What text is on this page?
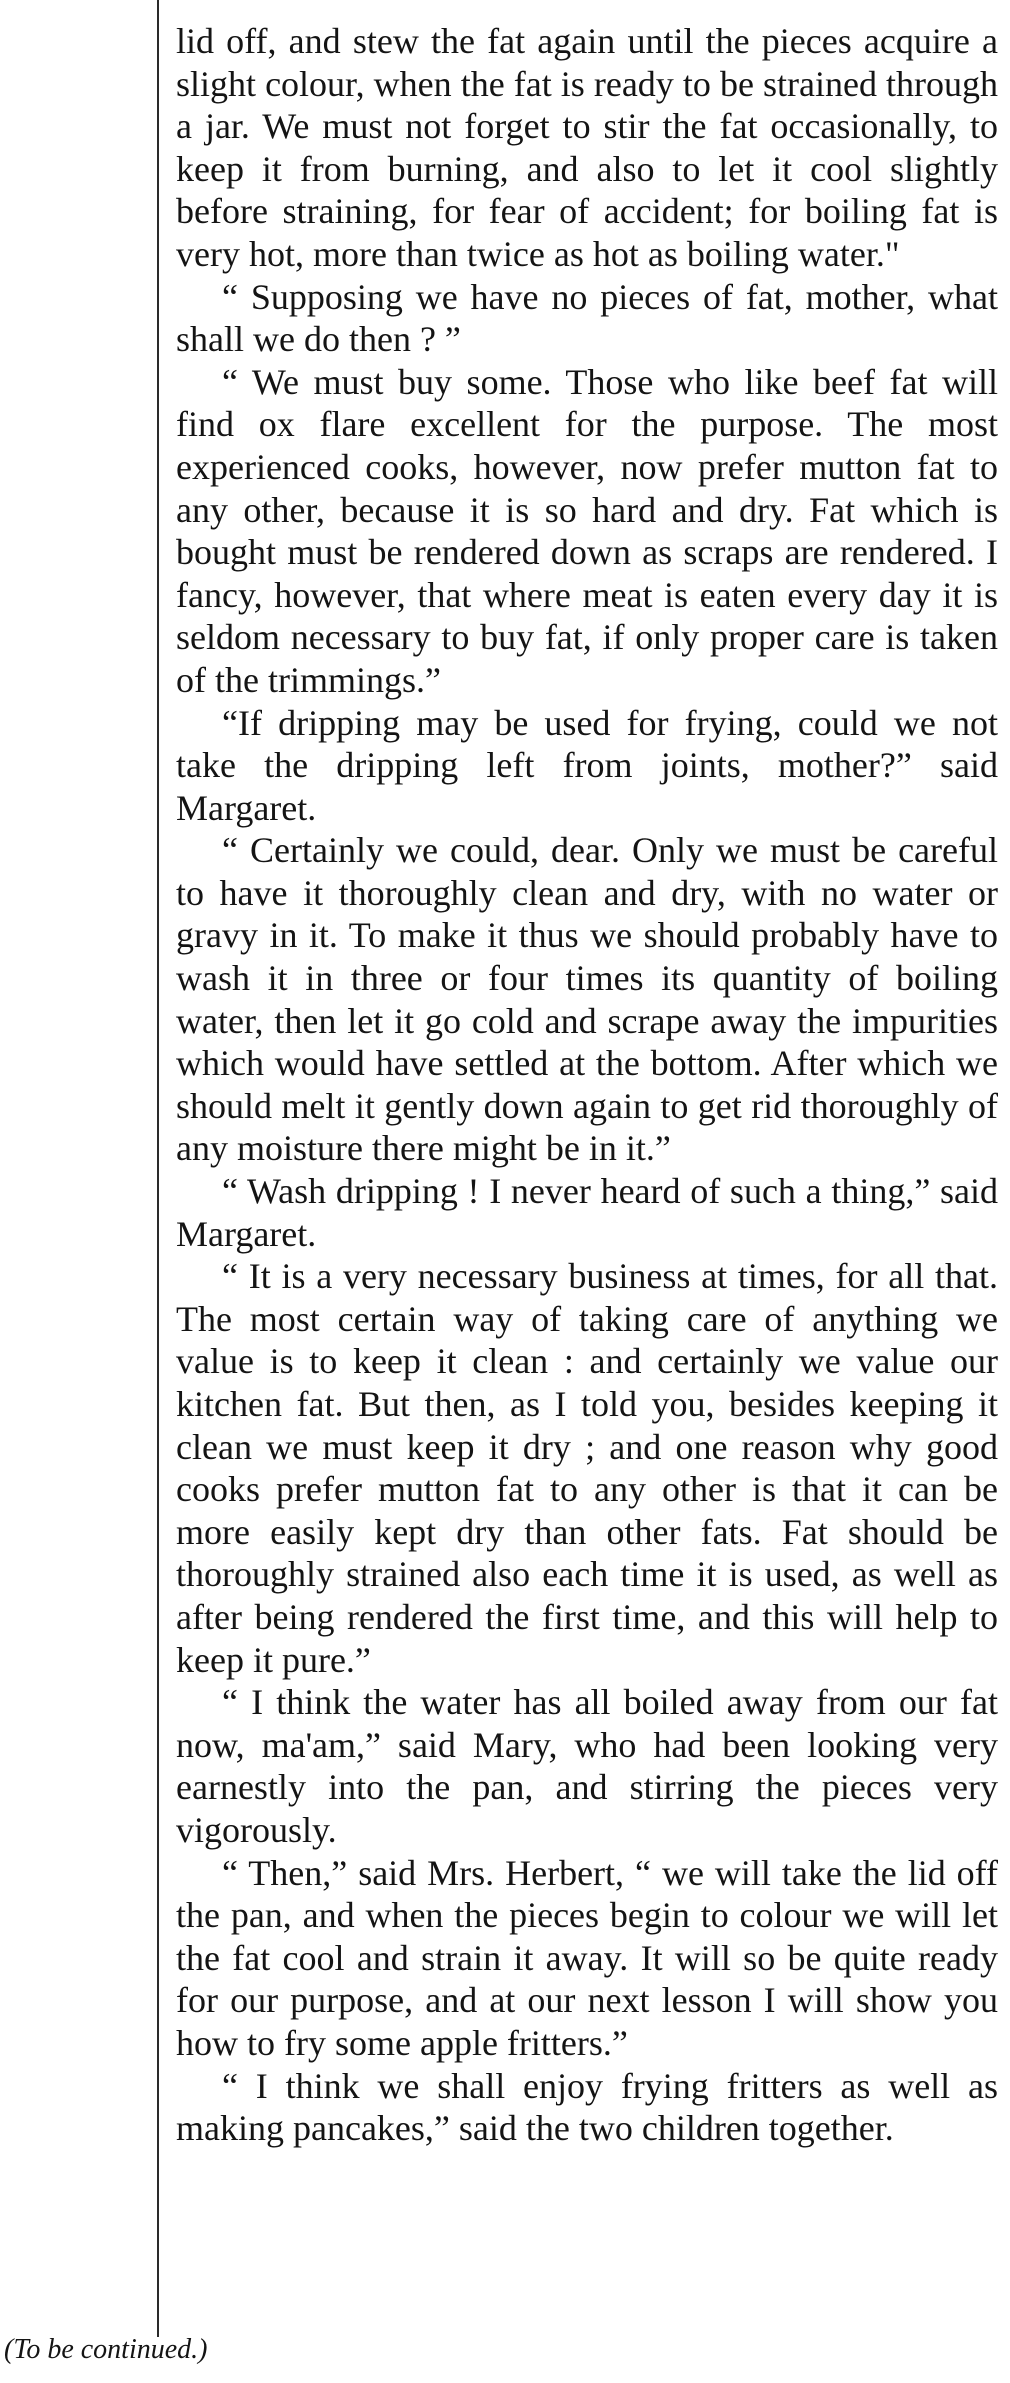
lid off, and stew the fat again until the pieces acquire a slight colour, when the fat is ready to be strained through a jar. We must not forget to stir the fat occasionally, to keep it from burning, and also to let it cool slightly before straining, for fear of accident; for boiling fat is very hot, more than twice as hot as boiling water."

“ Supposing we have no pieces of fat, mother, what shall we do then ? ”

“ We must buy some. Those who like beef fat will find ox flare excellent for the purpose. The most experienced cooks, however, now prefer mutton fat to any other, because it is so hard and dry. Fat which is bought must be rendered down as scraps are rendered. I fancy, however, that where meat is eaten every day it is seldom necessary to buy fat, if only proper care is taken of the trimmings.”

“If dripping may be used for frying, could we not take the dripping left from joints, mother?” said Margaret.

“ Certainly we could, dear. Only we must be careful to have it thoroughly clean and dry, with no water or gravy in it. To make it thus we should probably have to wash it in three or four times its quantity of boiling water, then let it go cold and scrape away the impurities which would have settled at the bottom. After which we should melt it gently down again to get rid thoroughly of any moisture there might be in it.”

“ Wash dripping ! I never heard of such a thing,” said Margaret.

“ It is a very necessary business at times, for all that. The most certain way of taking care of anything we value is to keep it clean : and certainly we value our kitchen fat. But then, as I told you, besides keeping it clean we must keep it dry ; and one reason why good cooks prefer mutton fat to any other is that it can be more easily kept dry than other fats. Fat should be thoroughly strained also each time it is used, as well as after being rendered the first time, and this will help to keep it pure.”

“ I think the water has all boiled away from our fat now, ma'am,” said Mary, who had been looking very earnestly into the pan, and stirring the pieces very vigorously.

“ Then,” said Mrs. Herbert, “ we will take the lid off the pan, and when the pieces begin to colour we will let the fat cool and strain it away. It will so be quite ready for our purpose, and at our next lesson I will show you how to fry some apple fritters.”

“ I think we shall enjoy frying fritters as well as making pancakes,” said the two children together.

(To be continued.)
